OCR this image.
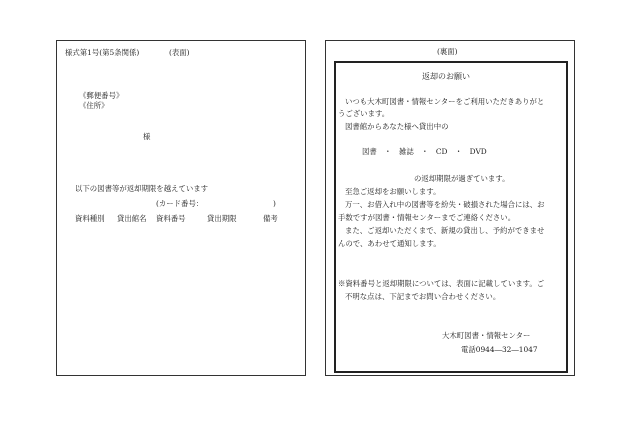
様式第1号(第5条関係)	(表面)
《郵便番号》
《住所》
様
以下の図書等が返却期限を越えています
(カード番号：	)
資料種別 貸出館名 資料番号	貸出期限	備考
(裏面)
返却のお願い
いつも大木町図書・情報センターをご利用いただきありがと
うございます。
図書館からあなた様へ貸出中の
図書　・　雑誌　・　CD　・　DVD
の返却期限が過ぎています。
至急ご返却をお願いします。
万一、お借入れ中の図書等を紛失・破損された場合には、お
手数ですが図書・情報センターまでご連絡ください。
また、ご返却いただくまで、新規の貸出し、予約ができませ
んので、あわせて通知します。
※資料番号と返却期限については、表面に記載しています。ご
不明な点は、下記までお問い合わせください。
大木町図書・情報センター
電話0944―32―1047
